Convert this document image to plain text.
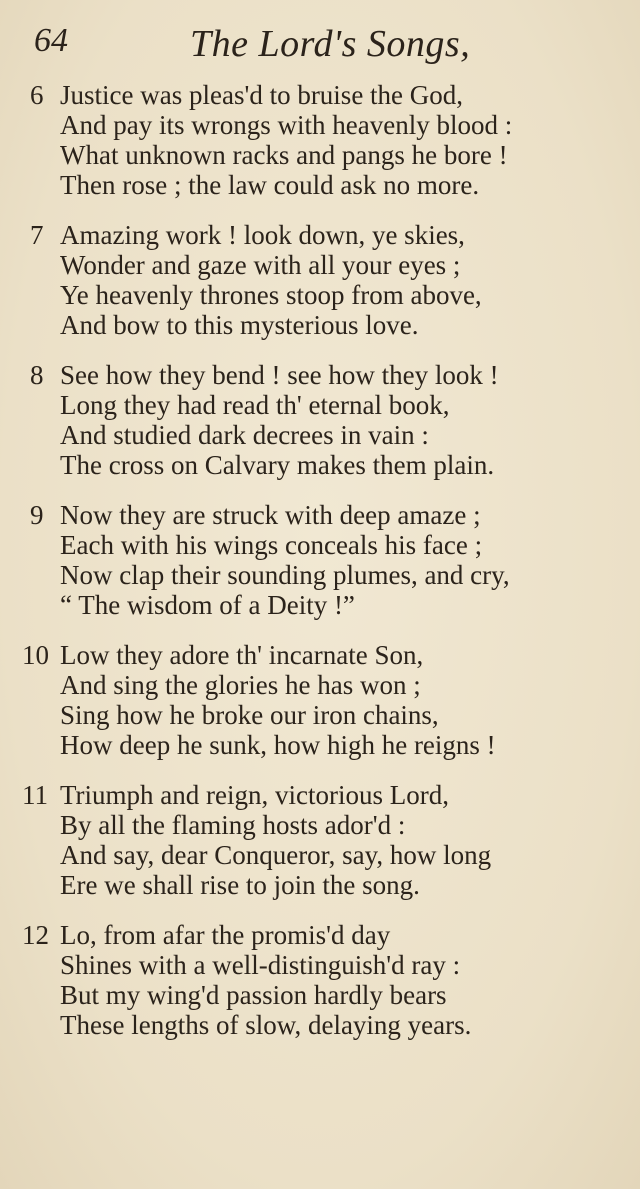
64	The Lord's Songs,
6 Justice was pleas'd to bruise the God,
And pay its wrongs with heavenly blood :
What unknown racks and pangs he bore !
Then rose ; the law could ask no more.
7 Amazing work ! look down, ye skies,
Wonder and gaze with all your eyes ;
Ye heavenly thrones stoop from above,
And bow to this mysterious love.
8 See how they bend ! see how they look !
Long they had read th' eternal book,
And studied dark decrees in vain :
The cross on Calvary makes them plain.
9 Now they are struck with deep amaze ;
Each with his wings conceals his face ;
Now clap their sounding plumes, and cry,
“ The wisdom of a Deity !”
10 Low they adore th' incarnate Son,
And sing the glories he has won ;
Sing how he broke our iron chains,
How deep he sunk, how high he reigns !
11 Triumph and reign, victorious Lord,
By all the flaming hosts ador'd :
And say, dear Conqueror, say, how long
Ere we shall rise to join the song.
12 Lo, from afar the promis'd day
Shines with a well-distinguish'd ray :
But my wing'd passion hardly bears
These lengths of slow, delaying years.
